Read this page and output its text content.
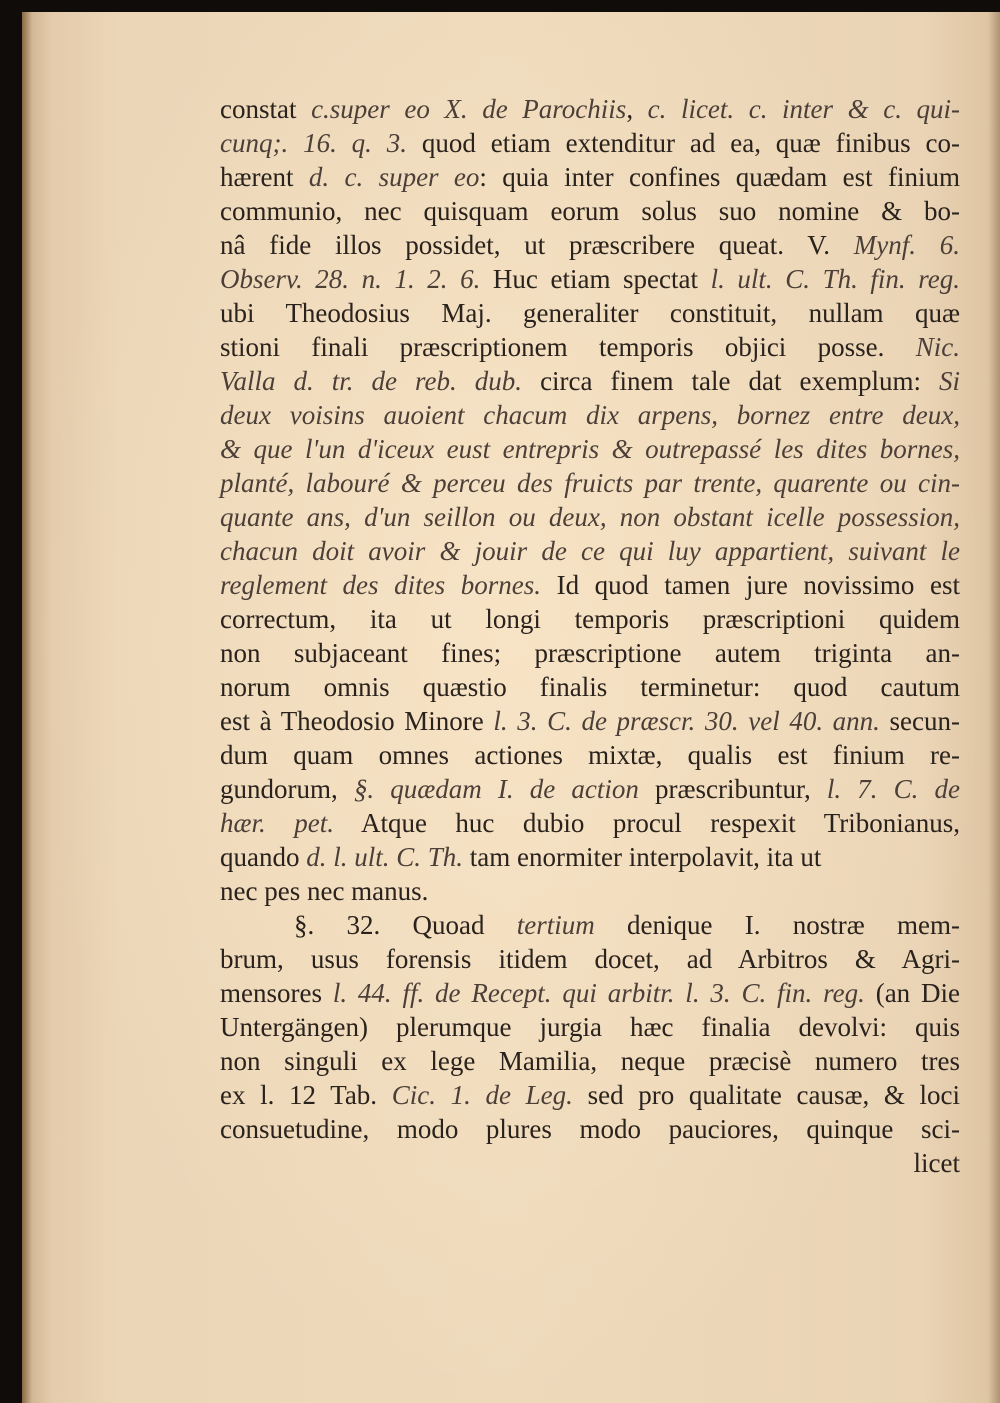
constat c.super eo X. de Parochiis, c. licet. c. inter & c. qui-
cunq;. 16. q. 3. quod etiam extenditur ad ea, quæ finibus co-
hærent d. c. super eo: quia inter confines quædam est finium
communio, nec quisquam eorum solus suo nomine & bo-
nâ fide illos possidet, ut præscribere queat. V. Mynf. 6.
Observ. 28. n. 1. 2. 6. Huc etiam spectat l. ult. C. Th. fin. reg.
ubi Theodosius Maj. generaliter constituit, nullam quæ
stioni finali præscriptionem temporis objici posse. Nic.
Valla d. tr. de reb. dub. circa finem tale dat exemplum: Si
deux voisins auoient chacum dix arpens, bornez entre deux,
& que l'un d'iceux eust entrepris & outrepassé les dites bornes,
planté, labouré & perceu des fruicts par trente, quarente ou cin-
quante ans, d'un seillon ou deux, non obstant icelle possession,
chacun doit avoir & jouir de ce qui luy appartient, suivant le
reglement des dites bornes. Id quod tamen jure novissimo est
correctum, ita ut longi temporis præscriptioni quidem
non subjaceant fines; præscriptione autem triginta an-
norum omnis quæstio finalis terminetur: quod cautum
est à Theodosio Minore l. 3. C. de præscr. 30. vel 40. ann. secun-
dum quam omnes actiones mixtæ, qualis est finium re-
gundorum, §. quædam I. de action præscribuntur, l. 7. C. de
hær. pet. Atque huc dubio procul respexit Tribonianus,
quando d. l. ult. C. Th. tam enormiter interpolavit, ita ut
nec pes nec manus.
§. 32. Quoad tertium denique I. nostræ mem-
brum, usus forensis itidem docet, ad Arbitros & Agri-
mensores l. 44. ff. de Recept. qui arbitr. l. 3. C. fin. reg. (an Die
Untergängen) plerumque jurgia hæc finalia devolvi: quis
non singuli ex lege Mamilia, neque præcisè numero tres
ex l. 12 Tab. Cic. 1. de Leg. sed pro qualitate causæ, & loci
consuetudine, modo plures modo pauciores, quinque sci-
licet
